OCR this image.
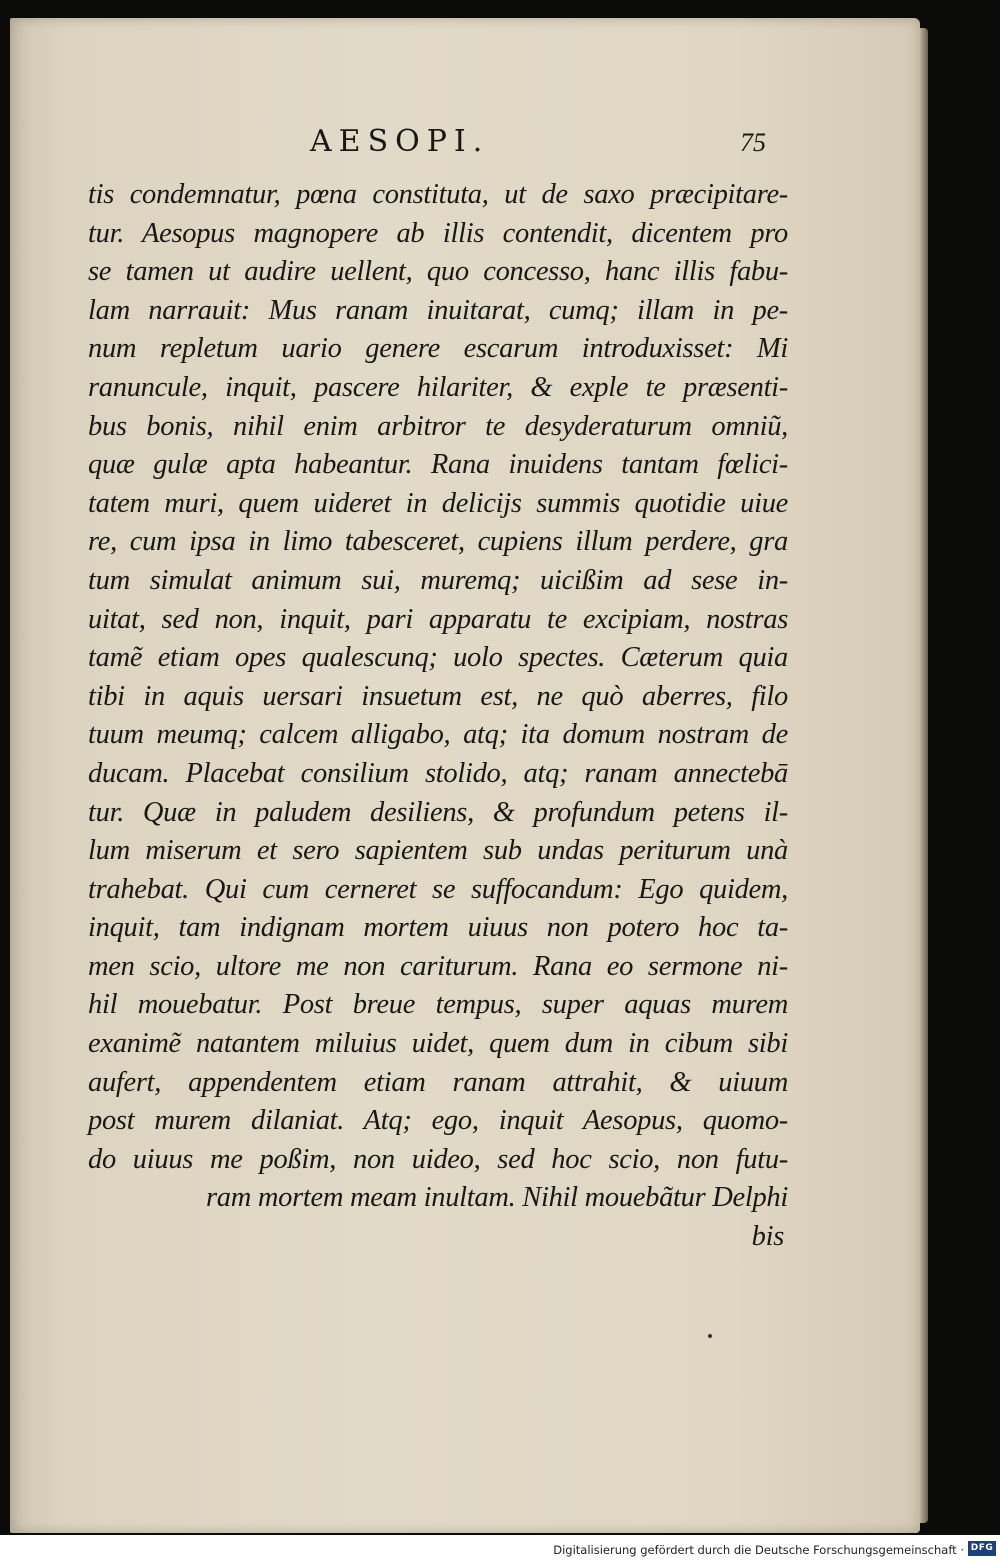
AESOPI.	75
tis condemnatur, pœna constituta, ut de saxo præcipitare-
tur. Aesopus magnopere ab illis contendit, dicentem pro
se tamen ut audire uellent, quo concesso, hanc illis fabu-
lam narrauit: Mus ranam inuitarat, cumq; illam in pe-
num repletum uario genere escarum introduxisset: Mi
ranuncule, inquit, pascere hilariter, & exple te præsenti-
bus bonis, nihil enim arbitror te desyderaturum omniũ,
quæ gulæ apta habeantur. Rana inuidens tantam fœlici-
tatem muri, quem uideret in delicijs summis quotidie uiue
re, cum ipsa in limo tabesceret, cupiens illum perdere, gra
tum simulat animum sui, muremq; uicißim ad sese in-
uitat, sed non, inquit, pari apparatu te excipiam, nostras
tamẽ etiam opes qualescunq; uolo spectes. Cæterum quia
tibi in aquis uersari insuetum est, ne quò aberres, filo
tuum meumq; calcem alligabo, atq; ita domum nostram de
ducam. Placebat consilium stolido, atq; ranam annectebā
tur. Quæ in paludem desiliens, & profundum petens il-
lum miserum et sero sapientem sub undas periturum unà
trahebat. Qui cum cerneret se suffocandum: Ego quidem,
inquit, tam indignam mortem uiuus non potero hoc ta-
men scio, ultore me non cariturum. Rana eo sermone ni-
hil mouebatur. Post breue tempus, super aquas murem
exanimẽ natantem miluius uidet, quem dum in cibum sibi
aufert, appendentem etiam ranam attrahit, & uiuum
post murem dilaniat. Atq; ego, inquit Aesopus, quomo-
do uiuus me poßim, non uideo, sed hoc scio, non futu-
ram mortem meam inultam. Nihil mouebãtur Delphi
bis
Digitalisierung gefördert durch die Deutsche Forschungsgemeinschaft · DFG
